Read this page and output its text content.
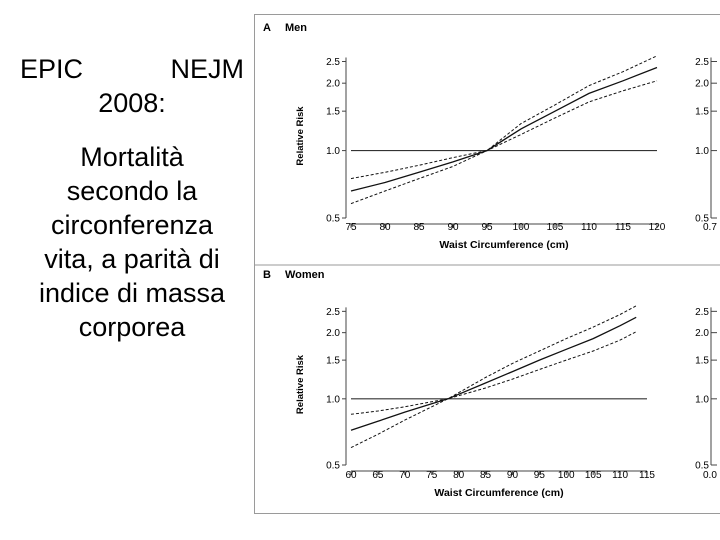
EPIC	NEJM
2008:
Mortalità
secondo la
circonferenza
vita, a parità di
indice di massa
corporea
A Men
0.5
1.0
1.5
2.0
2.5
Relative Risk
75 80 85 90 95 100 105 110 115 120
Waist Circumference (cm)
2.5
2.0
1.5
1.0
0.5
0.7
B Women
0.5
1.0
1.5
2.0
2.5
Relative Risk
60 65 70 75 80 85 90 95 100 105 110 115
Waist Circumference (cm)
2.5
2.0
1.5
1.0
0.5
0.0
